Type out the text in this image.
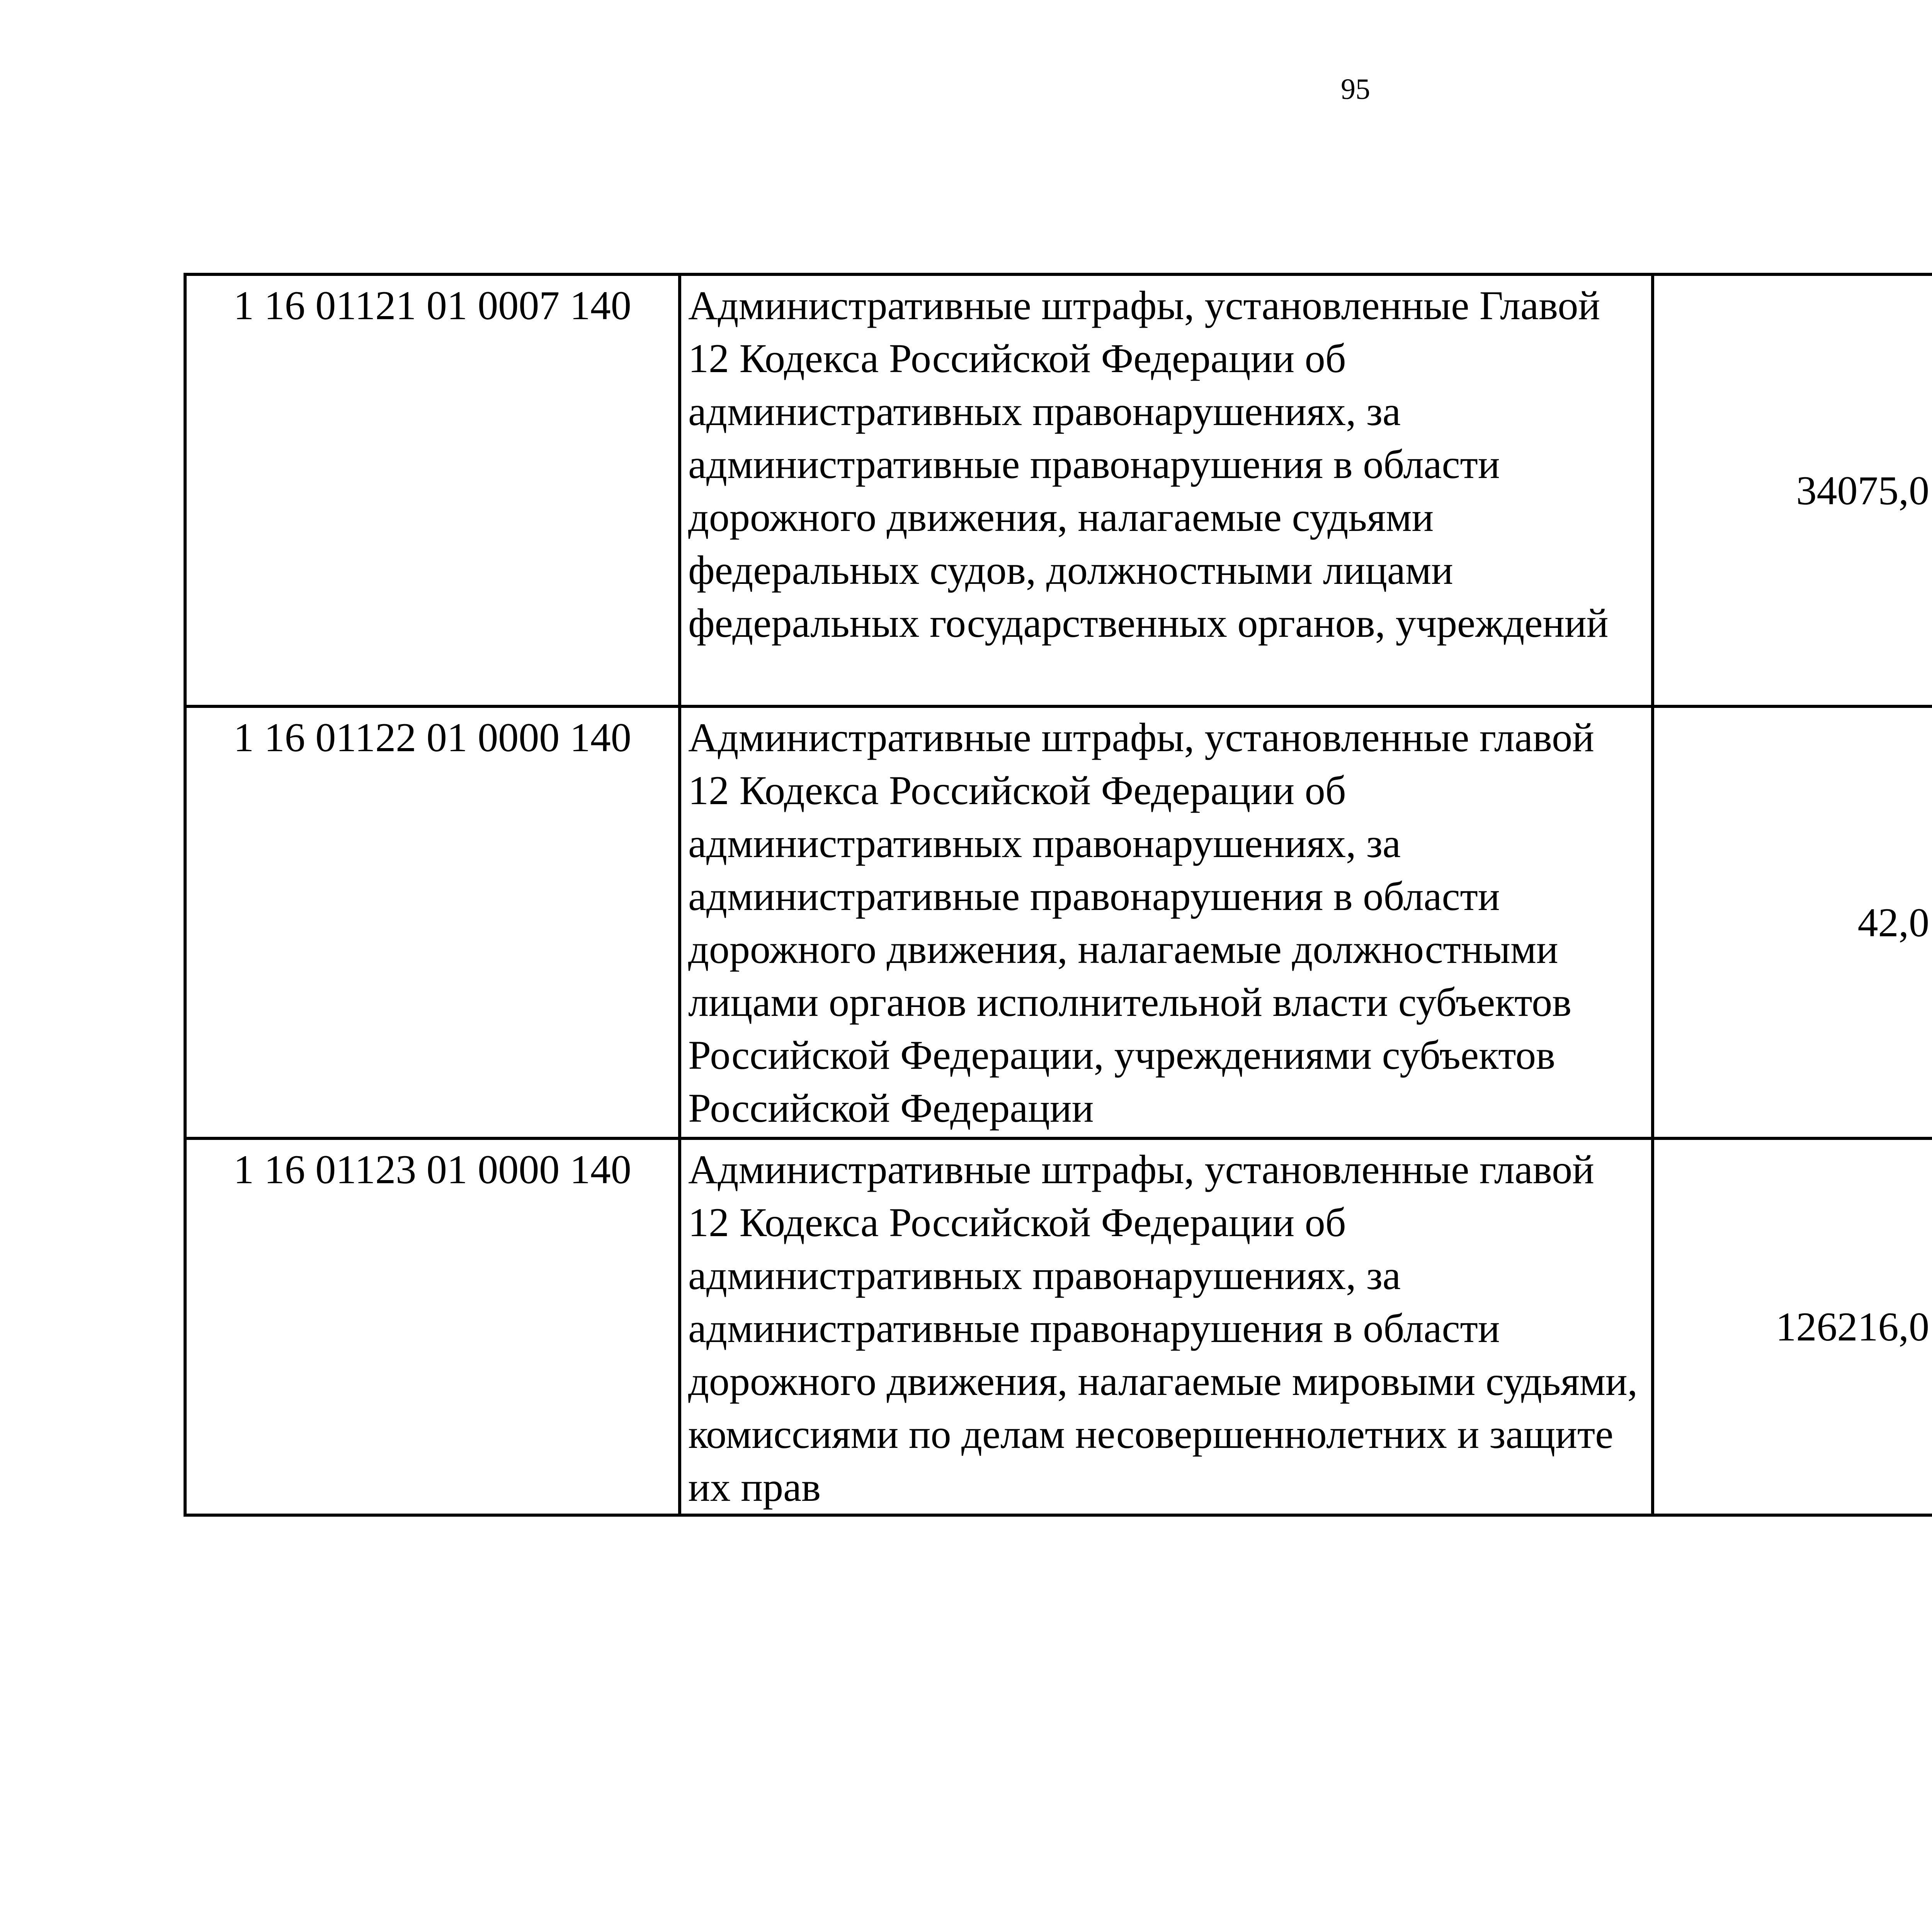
95
1 16 01121 01 0007 140	Административные штрафы, установленные Главой 12 Кодекса Российской Федерации об административных правонарушениях, за административные правонарушения в области дорожного движения, налагаемые судьями федеральных судов, должностными лицами федеральных государственных органов, учреждений	34075,0		
1 16 01122 01 0000 140	Административные штрафы, установленные главой 12 Кодекса Российской Федерации об административных правонарушениях, за административные правонарушения в области дорожного движения, налагаемые должностными лицами органов исполнительной власти субъектов Российской Федерации, учреждениями субъектов Российской Федерации	42,0		
1 16 01123 01 0000 140	Административные штрафы, установленные главой 12 Кодекса Российской Федерации об административных правонарушениях, за административные правонарушения в области дорожного движения, налагаемые мировыми судьями, комиссиями по делам несовершеннолетних и защите их прав	126216,0		
